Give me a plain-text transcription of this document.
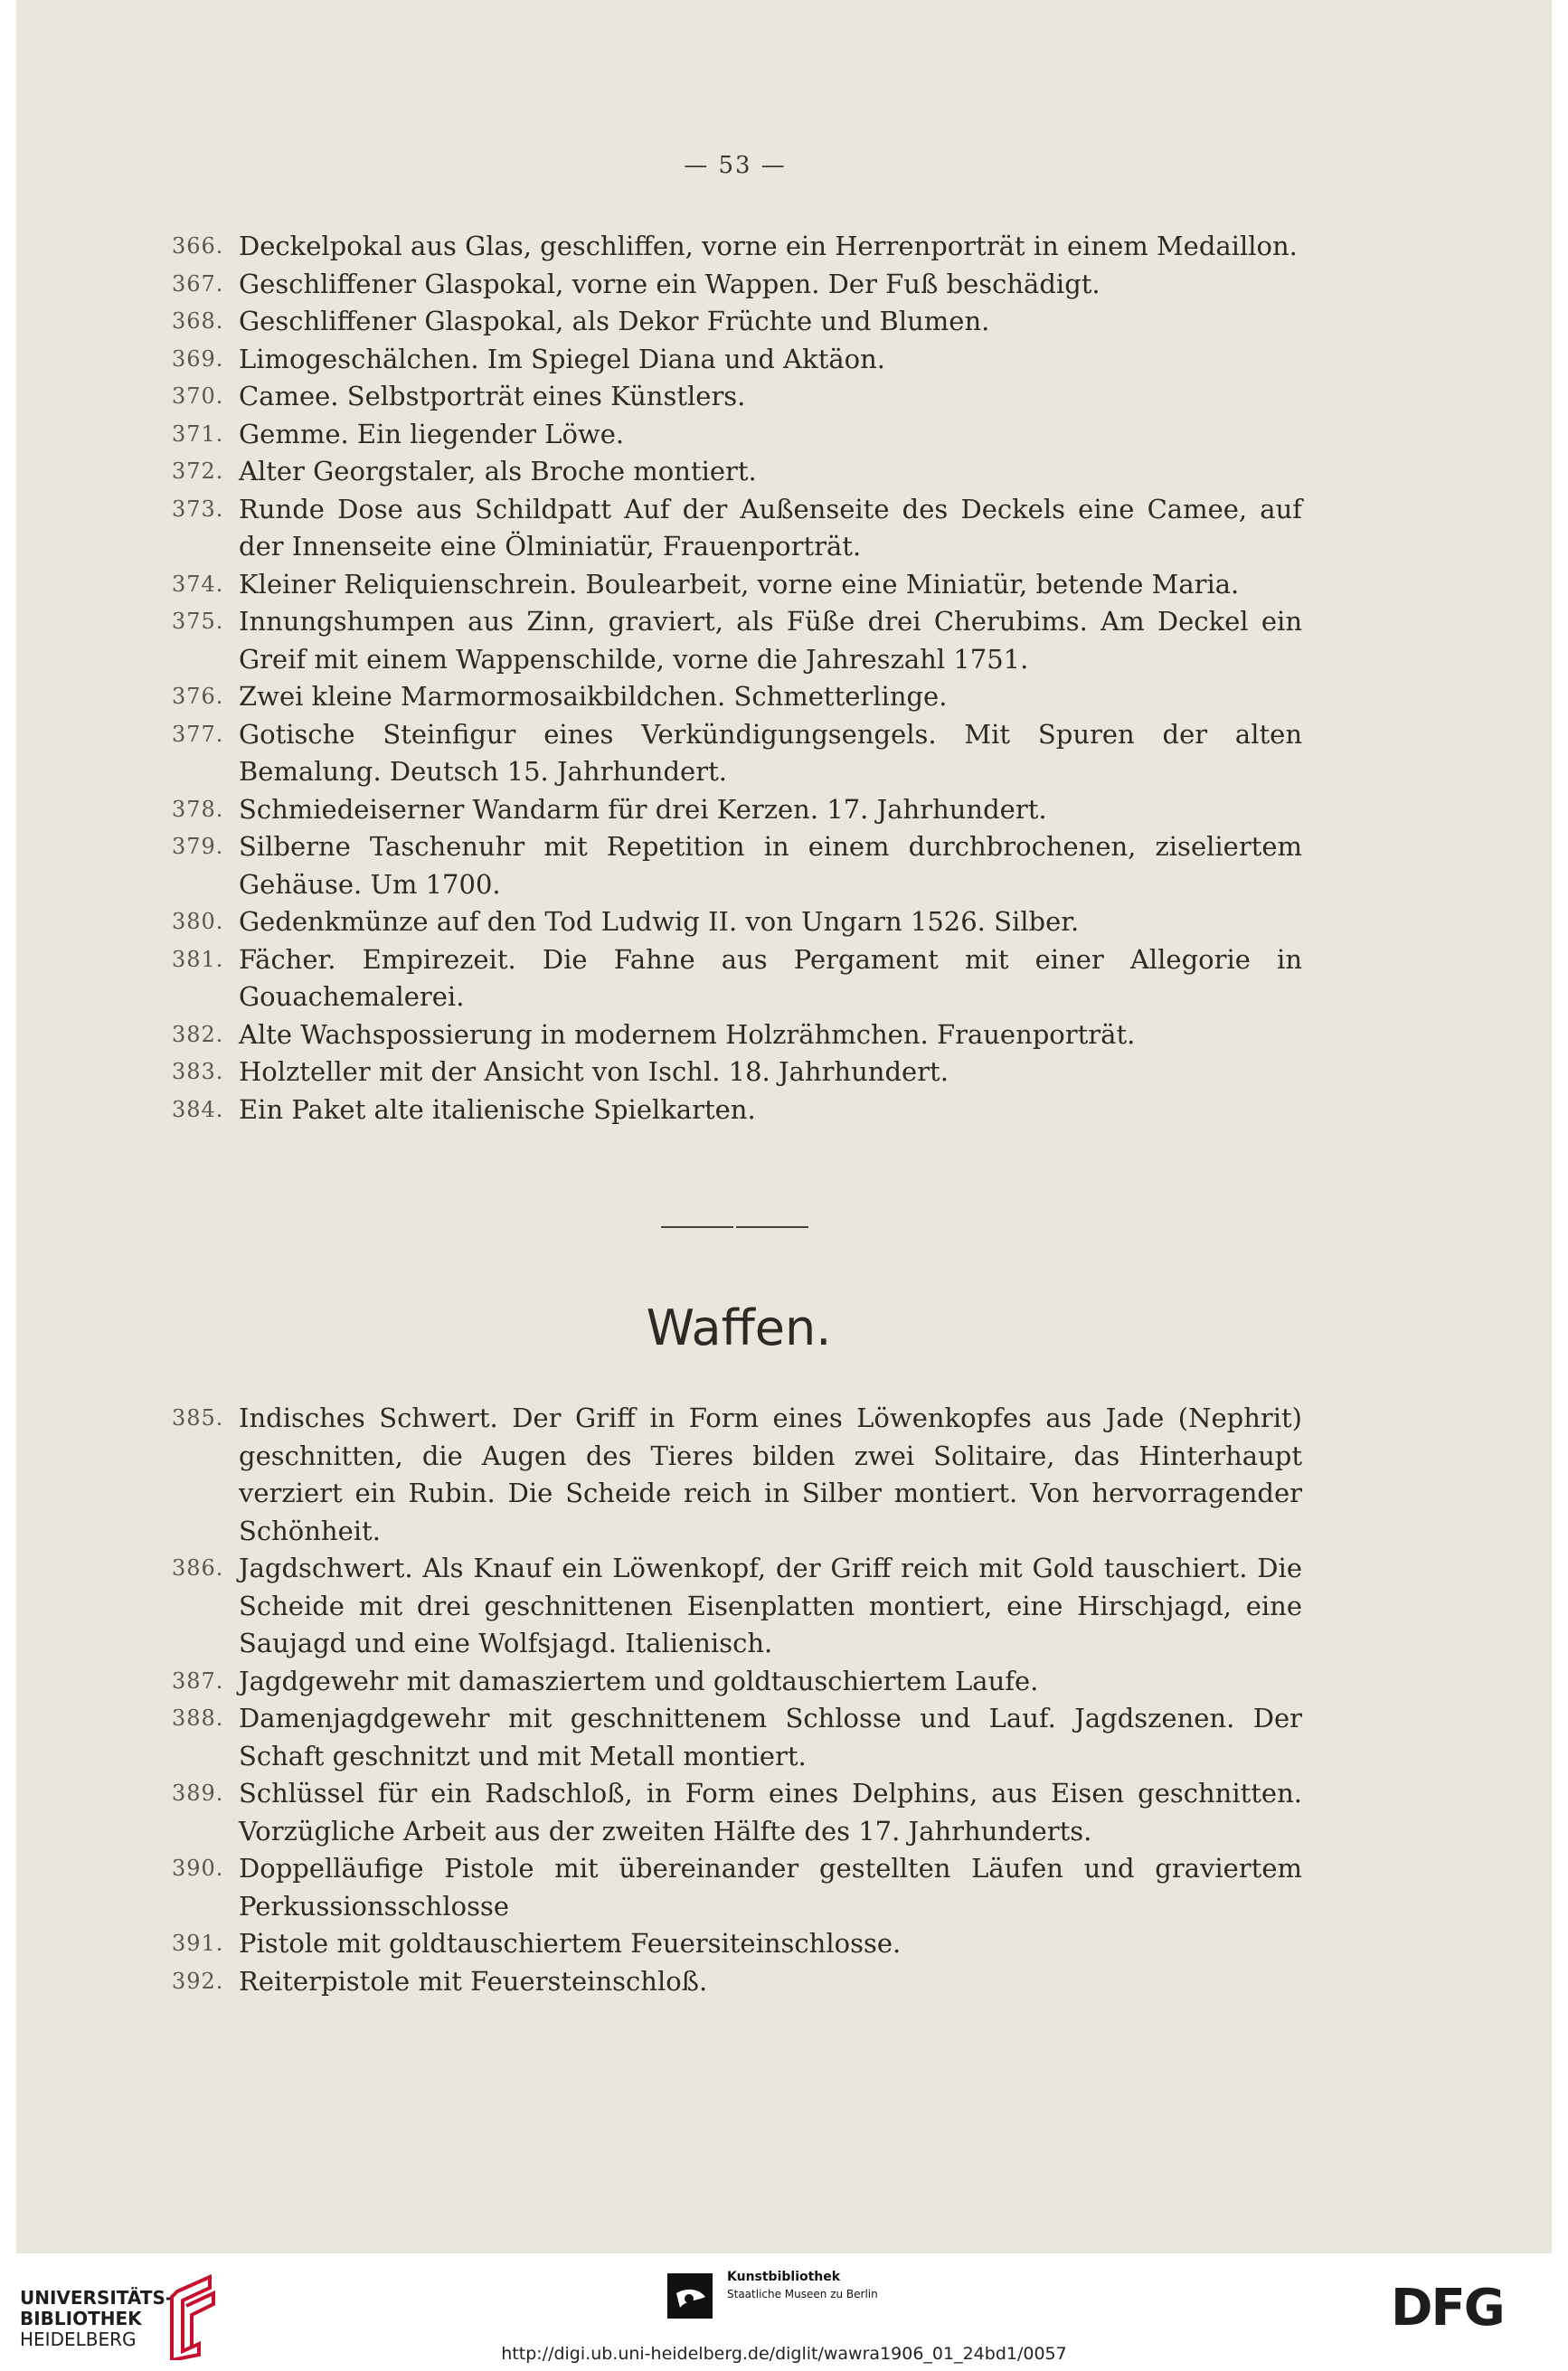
— 53 —
366. Deckelpokal aus Glas, geschliffen, vorne ein Herrenporträt in einem Medaillon.
367. Geschliffener Glaspokal, vorne ein Wappen. Der Fuß beschädigt.
368. Geschliffener Glaspokal, als Dekor Früchte und Blumen.
369. Limogeschälchen. Im Spiegel Diana und Aktäon.
370. Camee. Selbstporträt eines Künstlers.
371. Gemme. Ein liegender Löwe.
372. Alter Georgstaler, als Broche montiert.
373. Runde Dose aus Schildpatt Auf der Außenseite des Deckels eine Camee, auf der Innenseite eine Ölminiatür, Frauenporträt.
374. Kleiner Reliquienschrein. Boulearbeit, vorne eine Miniatür, betende Maria.
375. Innungshumpen aus Zinn, graviert, als Füße drei Cherubims. Am Deckel ein Greif mit einem Wappenschilde, vorne die Jahreszahl 1751.
376. Zwei kleine Marmormosaikbildchen. Schmetterlinge.
377. Gotische Steinfigur eines Verkündigungsengels. Mit Spuren der alten Bemalung. Deutsch 15. Jahrhundert.
378. Schmiedeiserner Wandarm für drei Kerzen. 17. Jahrhundert.
379. Silberne Taschenuhr mit Repetition in einem durchbrochenen, ziseliertem Gehäuse. Um 1700.
380. Gedenkmünze auf den Tod Ludwig II. von Ungarn 1526. Silber.
381. Fächer. Empirezeit. Die Fahne aus Pergament mit einer Allegorie in Gouachemalerei.
382. Alte Wachspossierung in modernem Holzrähmchen. Frauenporträt.
383. Holzteller mit der Ansicht von Ischl. 18. Jahrhundert.
384. Ein Paket alte italienische Spielkarten.
Waffen.
385. Indisches Schwert. Der Griff in Form eines Löwenkopfes aus Jade (Nephrit) geschnitten, die Augen des Tieres bilden zwei Solitaire, das Hinterhaupt verziert ein Rubin. Die Scheide reich in Silber montiert. Von hervorragender Schönheit.
386. Jagdschwert. Als Knauf ein Löwenkopf, der Griff reich mit Gold tauschiert. Die Scheide mit drei geschnittenen Eisenplatten montiert, eine Hirschjagd, eine Saujagd und eine Wolfsjagd. Italienisch.
387. Jagdgewehr mit damasziertem und goldtauschiertem Laufe.
388. Damenjagdgewehr mit geschnittenem Schlosse und Lauf. Jagdszenen. Der Schaft geschnitzt und mit Metall montiert.
389. Schlüssel für ein Radschloß, in Form eines Delphins, aus Eisen geschnitten. Vorzügliche Arbeit aus der zweiten Hälfte des 17. Jahrhunderts.
390. Doppelläufige Pistole mit übereinander gestellten Läufen und graviertem Perkussionsschlosse
391. Pistole mit goldtauschiertem Feuersiteinschlosse.
392. Reiterpistole mit Feuersteinschloß.
UNIVERSITÄTS-
BIBLIOTHEK
HEIDELBERG
Kunstbibliothek
Staatliche Museen zu Berlin	DFG
http://digi.ub.uni-heidelberg.de/diglit/wawra1906_01_24bd1/0057
